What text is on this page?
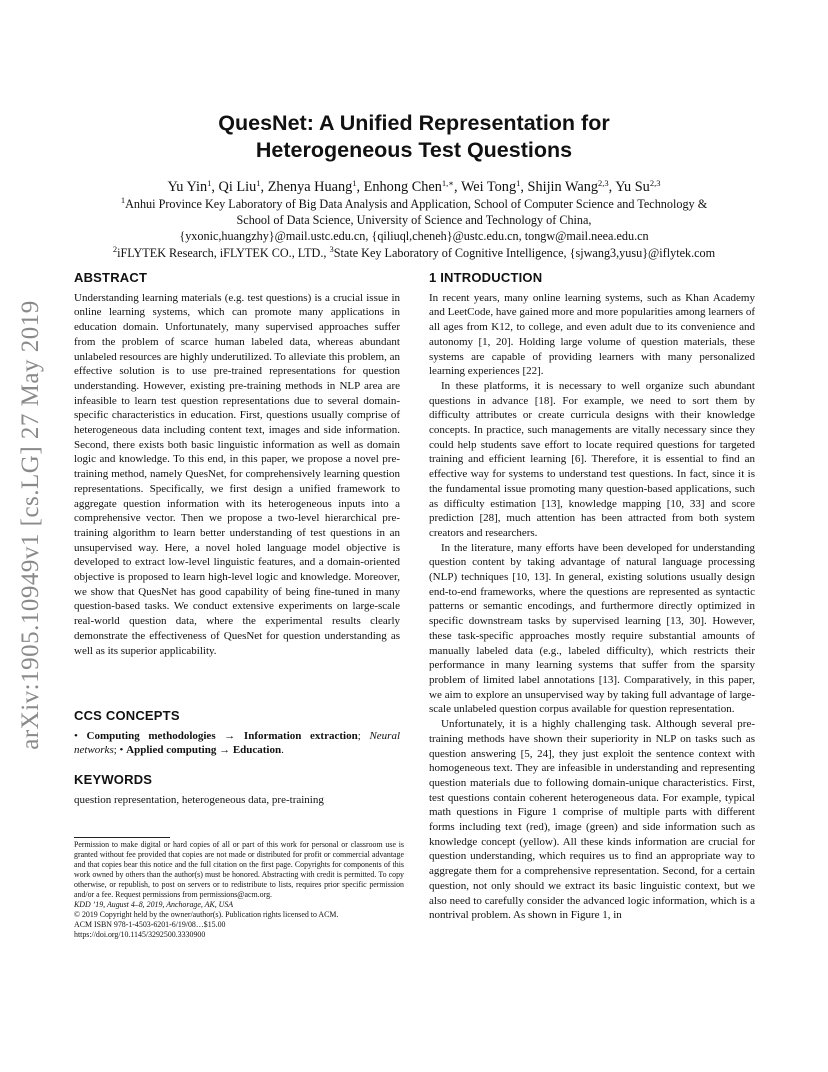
arXiv:1905.10949v1 [cs.LG] 27 May 2019
QuesNet: A Unified Representation for
Heterogeneous Test Questions
Yu Yin$^1$, Qi Liu$^1$, Zhenya Huang$^1$, Enhong Chen$^{1,∗}$, Wei Tong$^1$, Shijin Wang$^{2,3}$, Yu Su$^{2,3}$
$^1$Anhui Province Key Laboratory of Big Data Analysis and Application, School of Computer Science and Technology &
School of Data Science, University of Science and Technology of China,
{yxonic,huangzhy}@mail.ustc.edu.cn, {qiliuql,cheneh}@ustc.edu.cn, tongw@mail.neea.edu.cn
$^2$iFLYTEK Research, iFLYTEK CO., LTD., $^3$State Key Laboratory of Cognitive Intelligence, {sjwang3,yusu}@iflytek.com
ABSTRACT

Understanding learning materials (e.g. test questions) is a crucial issue in online learning systems, which can promote many applications in education domain. Unfortunately, many supervised approaches suffer from the problem of scarce human labeled data, whereas abundant unlabeled resources are highly underutilized. To alleviate this problem, an effective solution is to use pre-trained representations for question understanding. However, existing pre-training methods in NLP area are infeasible to learn test question representations due to several domain-specific characteristics in education. First, questions usually comprise of heterogeneous data including content text, images and side information. Second, there exists both basic linguistic information as well as domain logic and knowledge. To this end, in this paper, we propose a novel pre-training method, namely QuesNet, for comprehensively learning question representations. Specifically, we first design a unified framework to aggregate question information with its heterogeneous inputs into a comprehensive vector. Then we propose a two-level hierarchical pre-training algorithm to learn better understanding of test questions in an unsupervised way. Here, a novel holed language model objective is developed to extract low-level linguistic features, and a domain-oriented objective is proposed to learn high-level logic and knowledge. Moreover, we show that QuesNet has good capability of being fine-tuned in many question-based tasks. We conduct extensive experiments on large-scale real-world question data, where the experimental results clearly demonstrate the effectiveness of QuesNet for question understanding as well as its superior applicability.

CCS CONCEPTS

• Computing methodologies → Information extraction; Neural networks; • Applied computing → Education.

KEYWORDS

question representation, heterogeneous data, pre-training

Permission to make digital or hard copies of all or part of this work for personal or classroom use is granted without fee provided that copies are not made or distributed for profit or commercial advantage and that copies bear this notice and the full citation on the first page. Copyrights for components of this work owned by others than the author(s) must be honored. Abstracting with credit is permitted. To copy otherwise, or republish, to post on servers or to redistribute to lists, requires prior specific permission and/or a fee. Request permissions from permissions@acm.org.

KDD ’19, August 4–8, 2019, Anchorage, AK, USA

© 2019 Copyright held by the owner/author(s). Publication rights licensed to ACM.

ACM ISBN 978-1-4503-6201-6/19/08…$15.00

https://doi.org/10.1145/3292500.3330900

1 INTRODUCTION

In recent years, many online learning systems, such as Khan Academy and LeetCode, have gained more and more popularities among learners of all ages from K12, to college, and even adult due to its convenience and autonomy [1, 20]. Holding large volume of question materials, these systems are capable of providing learners with many personalized learning experiences [22].

In these platforms, it is necessary to well organize such abundant questions in advance [18]. For example, we need to sort them by difficulty attributes or create curricula designs with their knowledge concepts. In practice, such managements are vitally necessary since they could help students save effort to locate required questions for targeted training and efficient learning [6]. Therefore, it is essential to find an effective way for systems to understand test questions. In fact, since it is the fundamental issue promoting many question-based applications, such as difficulty estimation [13], knowledge mapping [10, 33] and score prediction [28], much attention has been attracted from both system creators and researchers.

In the literature, many efforts have been developed for understanding question content by taking advantage of natural language processing (NLP) techniques [10, 13]. In general, existing solutions usually design end-to-end frameworks, where the questions are represented as syntactic patterns or semantic encodings, and furthermore directly optimized in specific downstream tasks by supervised learning [13, 30]. However, these task-specific approaches mostly require substantial amounts of manually labeled data (e.g., labeled difficulty), which restricts their performance in many learning systems that suffer from the sparsity problem of limited label annotations [13]. Comparatively, in this paper, we aim to explore an unsupervised way by taking full advantage of large-scale unlabeled question corpus available for question representation.

Unfortunately, it is a highly challenging task. Although several pre-training methods have shown their superiority in NLP on tasks such as question answering [5, 24], they just exploit the sentence context with homogeneous text. They are infeasible in understanding and representing question materials due to following domain-unique characteristics. First, test questions contain coherent heterogeneous data. For example, typical math questions in Figure 1 comprise of multiple parts with different forms including text (red), image (green) and side information such as knowledge concept (yellow). All these kinds information are crucial for question understanding, which requires us to find an appropriate way to aggregate them for a comprehensive representation. Second, for a certain question, not only should we extract its basic linguistic context, but we also need to carefully consider the advanced logic information, which is a nontrival problem. As shown in Figure 1, in
